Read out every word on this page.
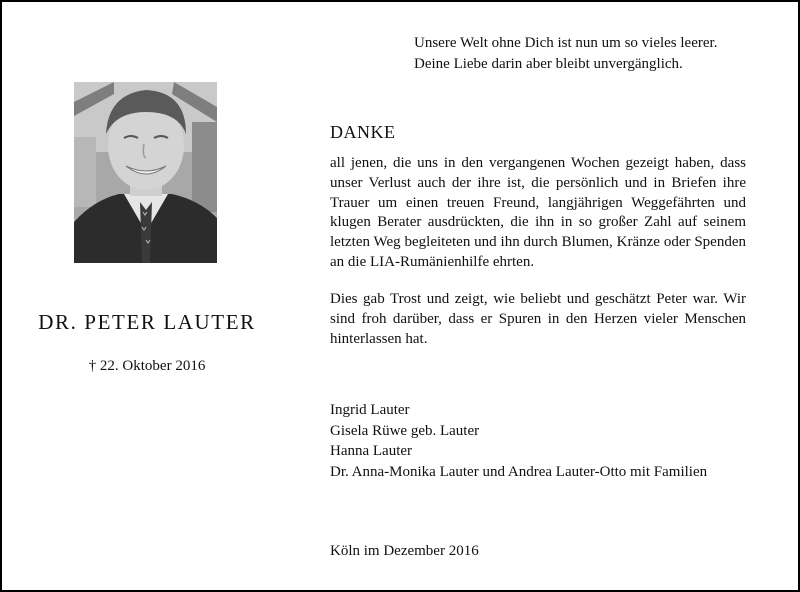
Unsere Welt ohne Dich ist nun um so vieles leerer.
Deine Liebe darin aber bleibt unvergänglich.
DR. PETER LAUTER
† 22. Oktober 2016
DANKE

all jenen, die uns in den vergangenen Wochen gezeigt haben, dass unser Verlust auch der ihre ist, die persönlich und in Briefen ihre Trauer um einen treuen Freund, langjährigen Weggefährten und klugen Berater ausdrückten, die ihn in so großer Zahl auf seinem letzten Weg begleiteten und ihn durch Blumen, Kränze oder Spenden an die LIA-Rumänienhilfe ehrten.

Dies gab Trost und zeigt, wie beliebt und geschätzt Peter war. Wir sind froh darüber, dass er Spuren in den Herzen vieler Menschen hinterlassen hat.

Ingrid Lauter
Gisela Rüwe geb. Lauter
Hanna Lauter
Dr. Anna-Monika Lauter und Andrea Lauter-Otto mit Familien
Köln im Dezember 2016
